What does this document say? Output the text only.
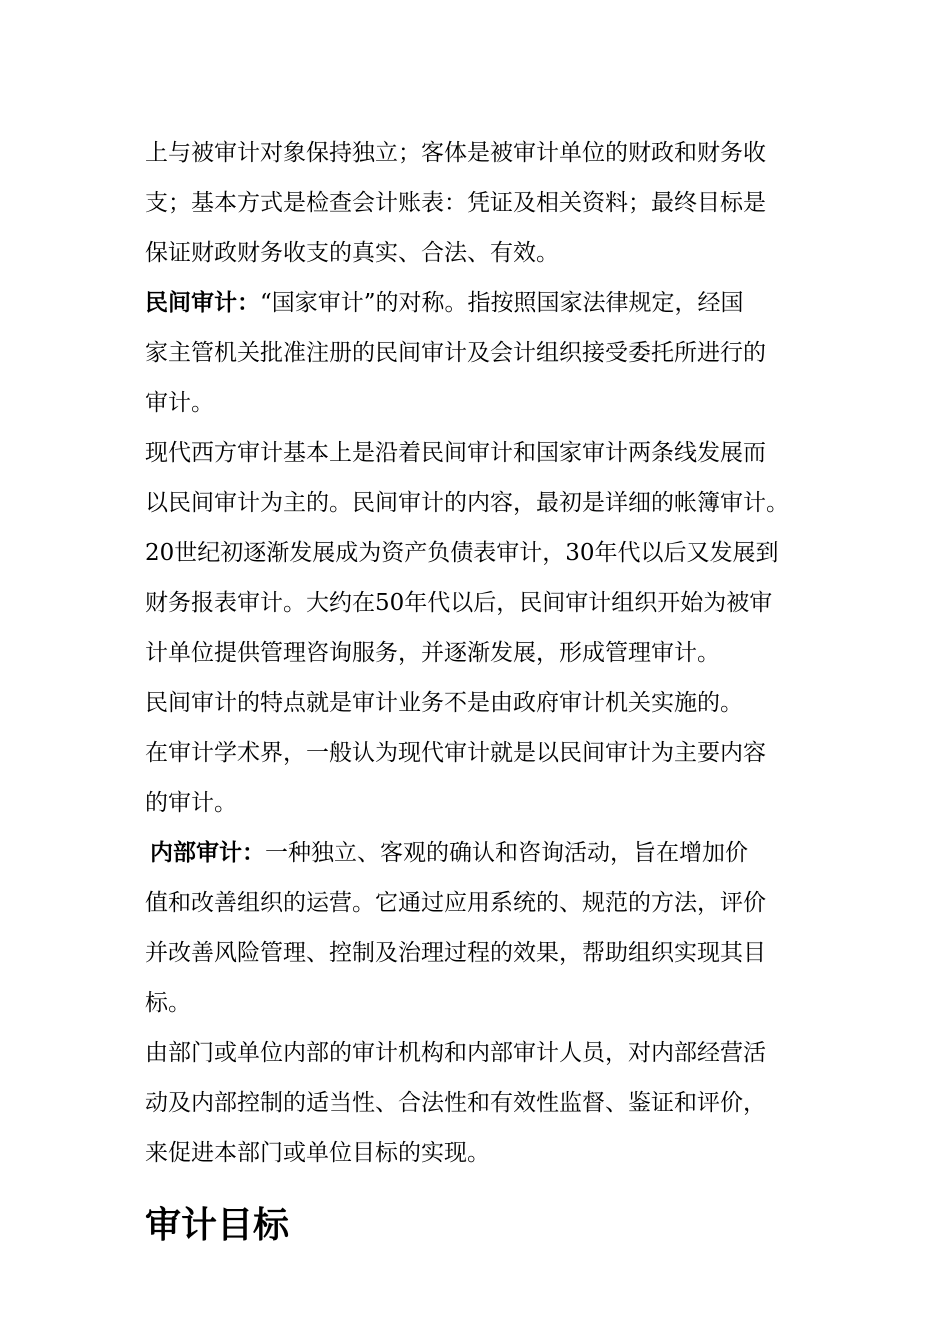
上与被审计对象保持独立；客体是被审计单位的财政和财务收

支；基本方式是检查会计账表：凭证及相关资料；最终目标是

保证财政财务收支的真实、合法、有效。

民间审计：“国家审计”的对称。指按照国家法律规定，经国

家主管机关批准注册的民间审计及会计组织接受委托所进行的

审计。

现代西方审计基本上是沿着民间审计和国家审计两条线发展而

以民间审计为主的。民间审计的内容，最初是详细的帐簿审计。

20世纪初逐渐发展成为资产负债表审计，30年代以后又发展到

财务报表审计。大约在50年代以后，民间审计组织开始为被审

计单位提供管理咨询服务，并逐渐发展，形成管理审计。

民间审计的特点就是审计业务不是由政府审计机关实施的。

在审计学术界，一般认为现代审计就是以民间审计为主要内容

的审计。

内部审计：一种独立、客观的确认和咨询活动，旨在增加价

值和改善组织的运营。它通过应用系统的、规范的方法，评价

并改善风险管理、控制及治理过程的效果，帮助组织实现其目

标。

由部门或单位内部的审计机构和内部审计人员，对内部经营活

动及内部控制的适当性、合法性和有效性监督、鉴证和评价，

来促进本部门或单位目标的实现。

审计目标
